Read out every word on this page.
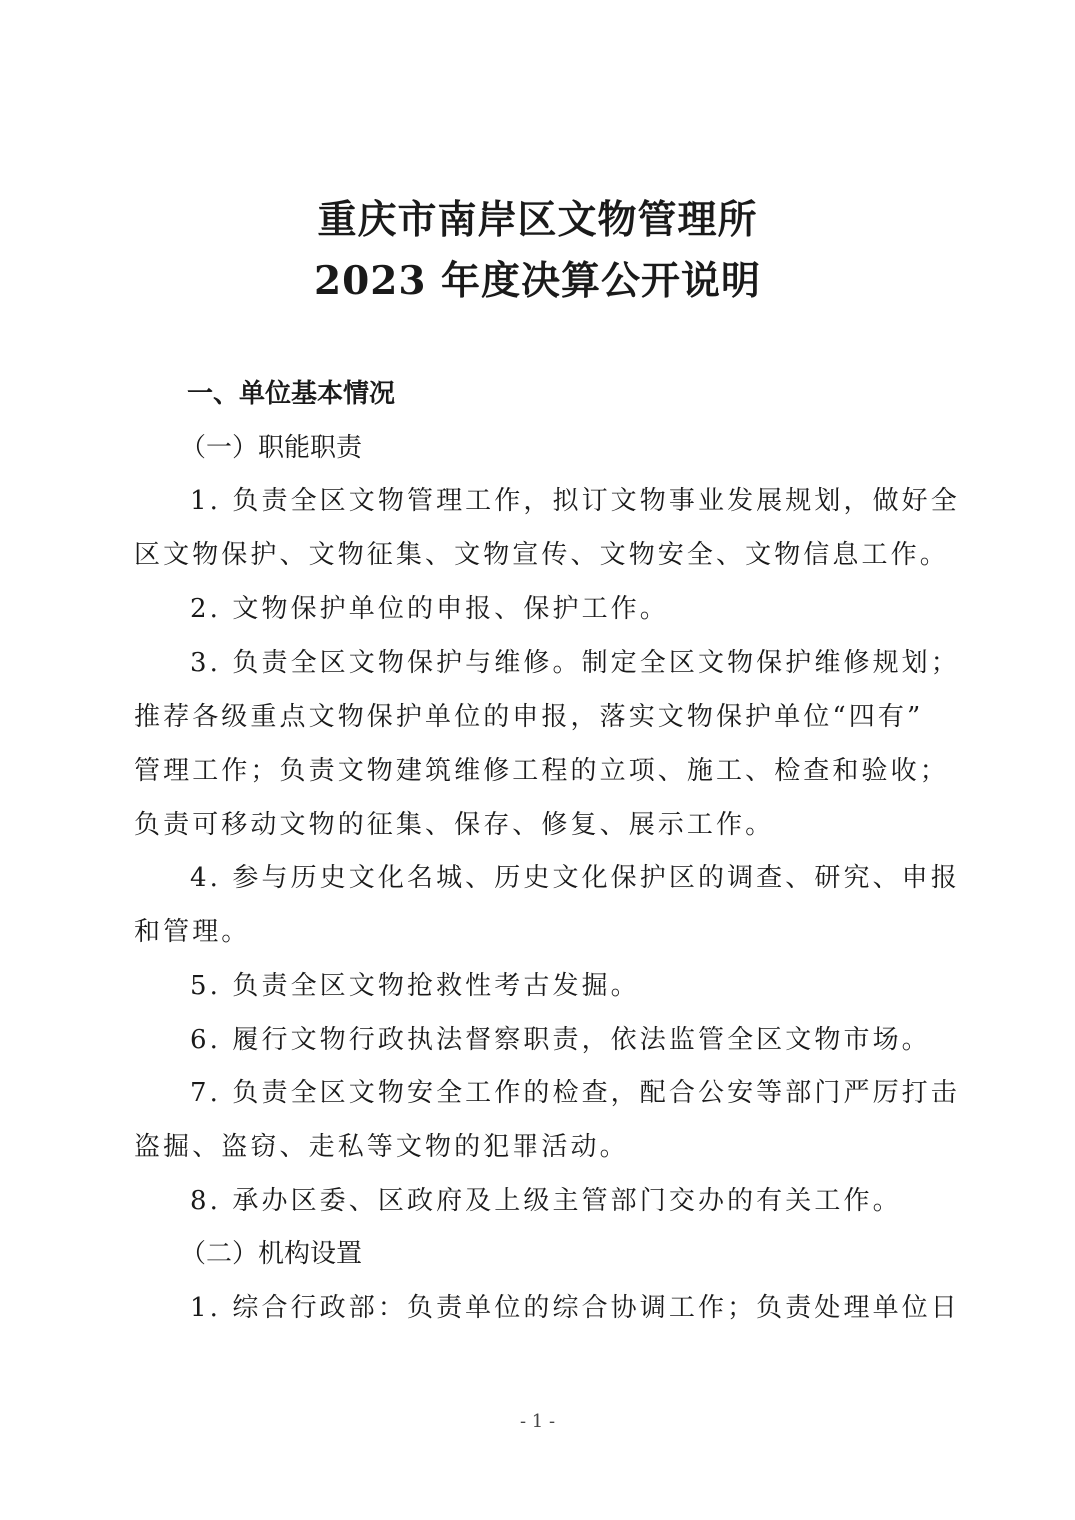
重庆市南岸区文物管理所
2023 年度决算公开说明
一、单位基本情况
（一）职能职责
1. 负责全区文物管理工作，拟订文物事业发展规划，做好全
区文物保护、文物征集、文物宣传、文物安全、文物信息工作。
2. 文物保护单位的申报、保护工作。
3. 负责全区文物保护与维修。制定全区文物保护维修规划；
推荐各级重点文物保护单位的申报，落实文物保护单位“四有”
管理工作；负责文物建筑维修工程的立项、施工、检查和验收；
负责可移动文物的征集、保存、修复、展示工作。
4. 参与历史文化名城、历史文化保护区的调查、研究、申报
和管理。
5. 负责全区文物抢救性考古发掘。
6. 履行文物行政执法督察职责，依法监管全区文物市场。
7. 负责全区文物安全工作的检查，配合公安等部门严厉打击
盗掘、盗窃、走私等文物的犯罪活动。
8. 承办区委、区政府及上级主管部门交办的有关工作。
（二）机构设置
1. 综合行政部：负责单位的综合协调工作；负责处理单位日
- 1 -
